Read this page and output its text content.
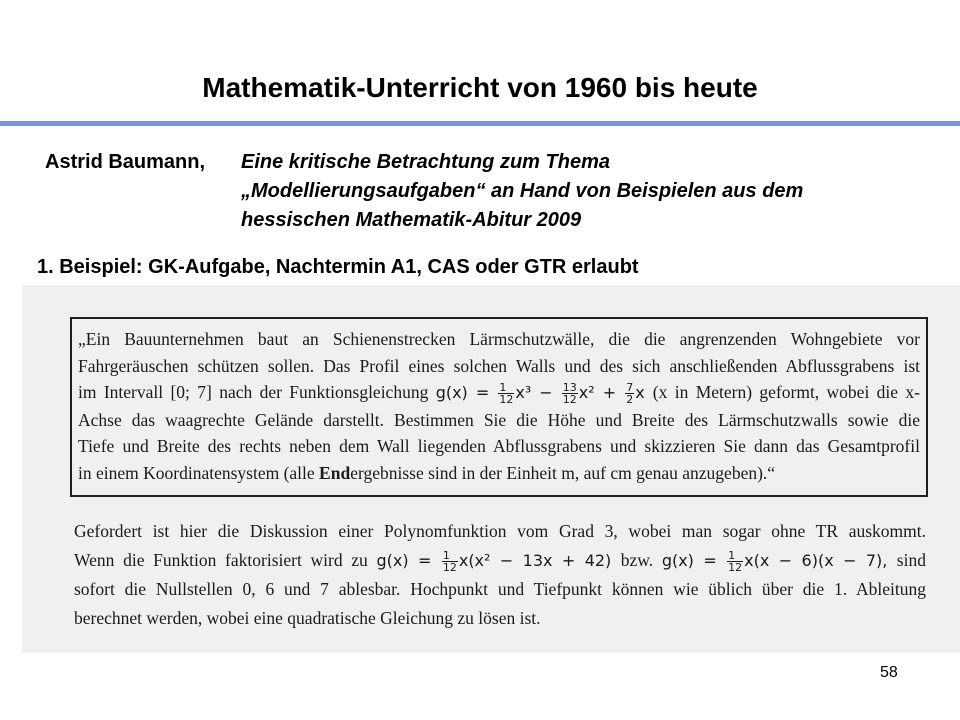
Mathematik-Unterricht von 1960 bis heute
Astrid Baumann, Eine kritische Betrachtung zum Thema
„Modellierungsaufgaben“ an Hand von Beispielen aus dem
hessischen Mathematik-Abitur 2009
1. Beispiel: GK-Aufgabe, Nachtermin A1, CAS oder GTR erlaubt

„Ein Bauunternehmen baut an Schienenstrecken Lärmschutzwälle, die die angrenzenden Wohngebiete vor

Fahrgeräuschen schützen sollen. Das Profil eines solchen Walls und des sich anschließenden Abflussgrabens ist

im Intervall [0; 7] nach der Funktionsgleichung $g(x) = \frac{1}{12} x^3 - \frac{13}{12} x^2 + \frac{7}{2}$ x (x in Metern) geformt, wobei die x-

Achse das waagrechte Gelände darstellt. Bestimmen Sie die Höhe und Breite des Lärmschutzwalls sowie die

Tiefe und Breite des rechts neben dem Wall liegenden Abflussgrabens und skizzieren Sie dann das Gesamtprofil

in einem Koordinatensystem (alle Endergebnisse sind in der Einheit m, auf cm genau anzugeben).“

Gefordert ist hier die Diskussion einer Polynomfunktion vom Grad 3, wobei man sogar ohne TR auskommt.

Wenn die Funktion faktorisiert wird zu $g(x) = \frac{1}{12} x(x^2 - 13x + 42)$ bzw. $g(x) = \frac{1}{12} x(x - 6)(x - 7)$, sind

sofort die Nullstellen 0, 6 und 7 ablesbar. Hochpunkt und Tiefpunkt können wie üblich über die 1. Ableitung

berechnet werden, wobei eine quadratische Gleichung zu lösen ist.

58
